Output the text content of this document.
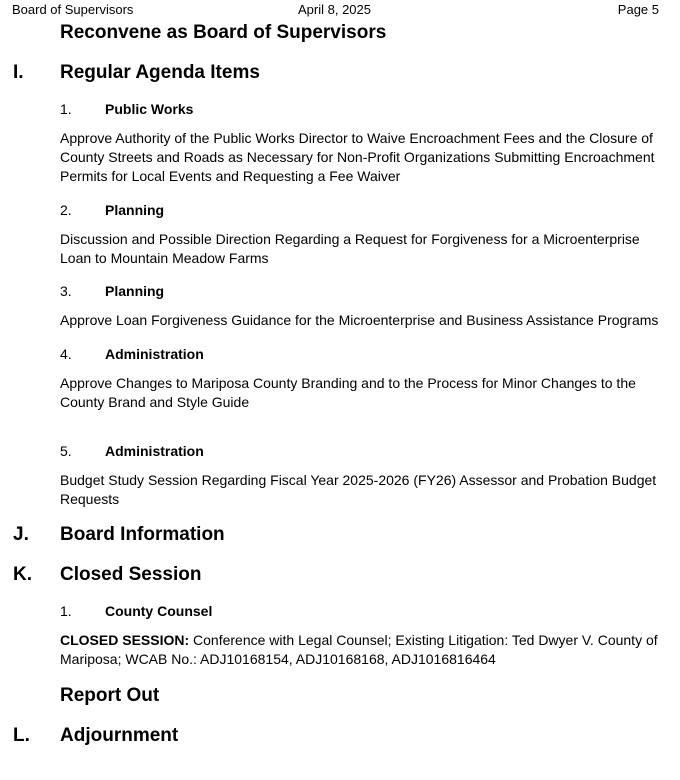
Board of Supervisors	April 8, 2025	Page 5
Reconvene as Board of Supervisors
I. Regular Agenda Items
1. Public Works
Approve Authority of the Public Works Director to Waive Encroachment Fees and the Closure of County Streets and Roads as Necessary for Non-Profit Organizations Submitting Encroachment Permits for Local Events and Requesting a Fee Waiver
2. Planning
Discussion and Possible Direction Regarding a Request for Forgiveness for a Microenterprise Loan to Mountain Meadow Farms
3. Planning
Approve Loan Forgiveness Guidance for the Microenterprise and Business Assistance Programs
4. Administration
Approve Changes to Mariposa County Branding and to the Process for Minor Changes to the County Brand and Style Guide
5. Administration
Budget Study Session Regarding Fiscal Year 2025-2026 (FY26) Assessor and Probation Budget Requests
J. Board Information
K. Closed Session
1. County Counsel
CLOSED SESSION: Conference with Legal Counsel; Existing Litigation: Ted Dwyer V. County of Mariposa; WCAB No.: ADJ10168154, ADJ10168168, ADJ1016816464
Report Out
L. Adjournment
